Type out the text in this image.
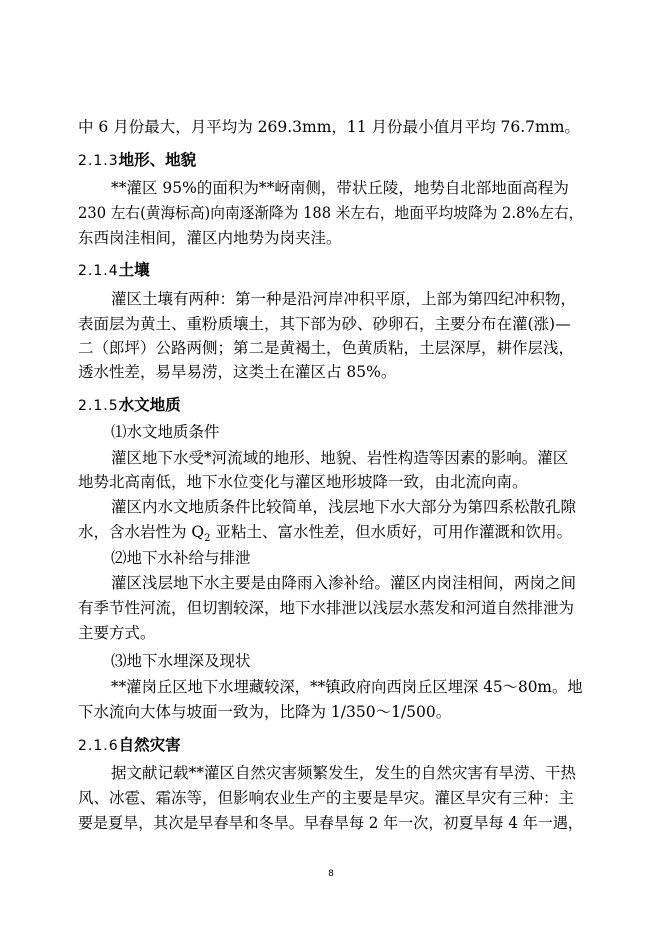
中 6 月份最大，月平均为 269.3mm，11 月份最小值月平均 76.7mm。
2.1.3地形、地貌
**灌区 95%的面积为**岈南侧，带状丘陵，地势自北部地面高程为
230 左右(黄海标高)向南逐渐降为 188 米左右，地面平均坡降为 2.8%左右，
东西岗洼相间，灌区内地势为岗夹洼。
2.1.4土壤
灌区土壤有两种：第一种是沿河岸冲积平原，上部为第四纪冲积物，
表面层为黄土、重粉质壤土，其下部为砂、砂卵石，主要分布在灌(涨)—
二（郎坪）公路两侧；第二是黄褐土，色黄质粘，土层深厚，耕作层浅，
透水性差，易旱易涝，这类土在灌区占 85%。
2.1.5水文地质
⑴水文地质条件
灌区地下水受*河流域的地形、地貌、岩性构造等因素的影响。灌区
地势北高南低，地下水位变化与灌区地形坡降一致，由北流向南。
灌区内水文地质条件比较简单，浅层地下水大部分为第四系松散孔隙
水，含水岩性为 $Q_2$ 亚粘土、富水性差，但水质好，可用作灌溉和饮用。
⑵地下水补给与排泄
灌区浅层地下水主要是由降雨入渗补给。灌区内岗洼相间，两岗之间
有季节性河流，但切割较深，地下水排泄以浅层水蒸发和河道自然排泄为
主要方式。
⑶地下水埋深及现状
**灌岗丘区地下水埋藏较深，**镇政府向西岗丘区埋深 45～80m。地
下水流向大体与坡面一致为，比降为 1/350～1/500。
2.1.6自然灾害
据文献记载**灌区自然灾害频繁发生，发生的自然灾害有旱涝、干热
风、冰雹、霜冻等，但影响农业生产的主要是旱灾。灌区旱灾有三种：主
要是夏旱，其次是早春旱和冬旱。早春旱每 2 年一次，初夏旱每 4 年一遇，
8
